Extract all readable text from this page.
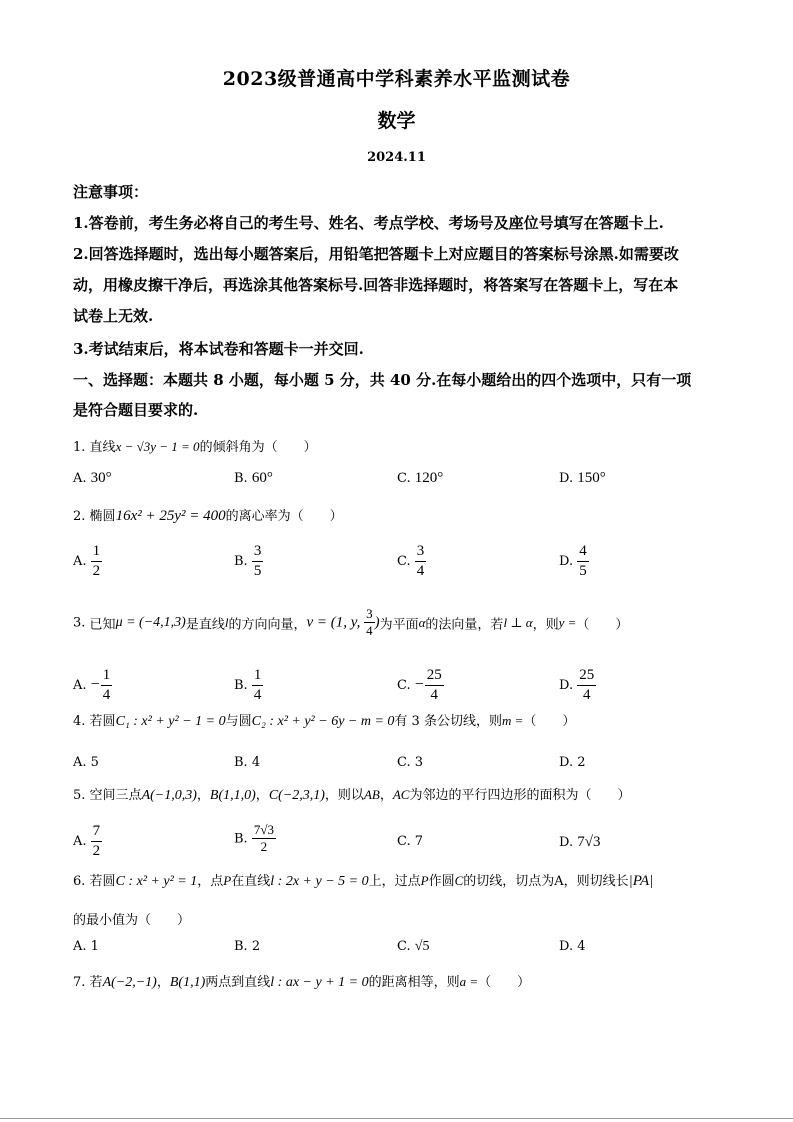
2023级普通高中学科素养水平监测试卷
数学
2024.11
注意事项：
1.答卷前，考生务必将自己的考生号、姓名、考点学校、考场号及座位号填写在答题卡上.
2.回答选择题时，选出每小题答案后，用铅笔把答题卡上对应题目的答案标号涂黑.如需要改
动，用橡皮擦干净后，再选涂其他答案标号.回答非选择题时，将答案写在答题卡上，写在本
试卷上无效.
3.考试结束后，将本试卷和答题卡一并交回.
一、选择题：本题共 8 小题，每小题 5 分，共 40 分.在每小题给出的四个选项中，只有一项
是符合题目要求的.
1. 直线x − √3y − 1 = 0的倾斜角为（　　）
A. 30°	B. 60°	C. 120°	D. 150°
2. 椭圆16x² + 25y² = 400的离心率为（　　）
A. $\frac{1}{2}$	B. $\frac{3}{5}$	C. $\frac{3}{4}$	D. $\frac{4}{5}$
3. 已知μ = (−4,1,3)是直线l的方向向量，v = (1, y, $\frac{3}{4}$ )为平面α的法向量，若l ⊥ α，则y =（　　）
A. − $\frac{1}{4}$	B. $\frac{1}{4}$	C. − $\frac{25}{4}$	D. $\frac{25}{4}$
4. 若圆C₁ : x² + y² − 1 = 0与圆C₂ : x² + y² − 6y − m = 0有 3 条公切线，则m =（　　）
A. 5	B. 4	C. 3	D. 2
5. 空间三点A(−1,0,3)，B(1,1,0)，C(−2,3,1)，则以AB，AC为邻边的平行四边形的面积为（　　）
A. $\frac{7}{2}$	B. $\frac{7√3}{2}$	C. 7	D. 7√3
6. 若圆C : x² + y² = 1，点P在直线l : 2x + y − 5 = 0上，过点P作圆C的切线，切点为A，则切线长|PA|
的最小值为（　　）
A. 1	B. 2	C. √5	D. 4
7. 若A(−2,−1)，B(1,1)两点到直线l : ax − y + 1 = 0的距离相等，则a =（　　）
